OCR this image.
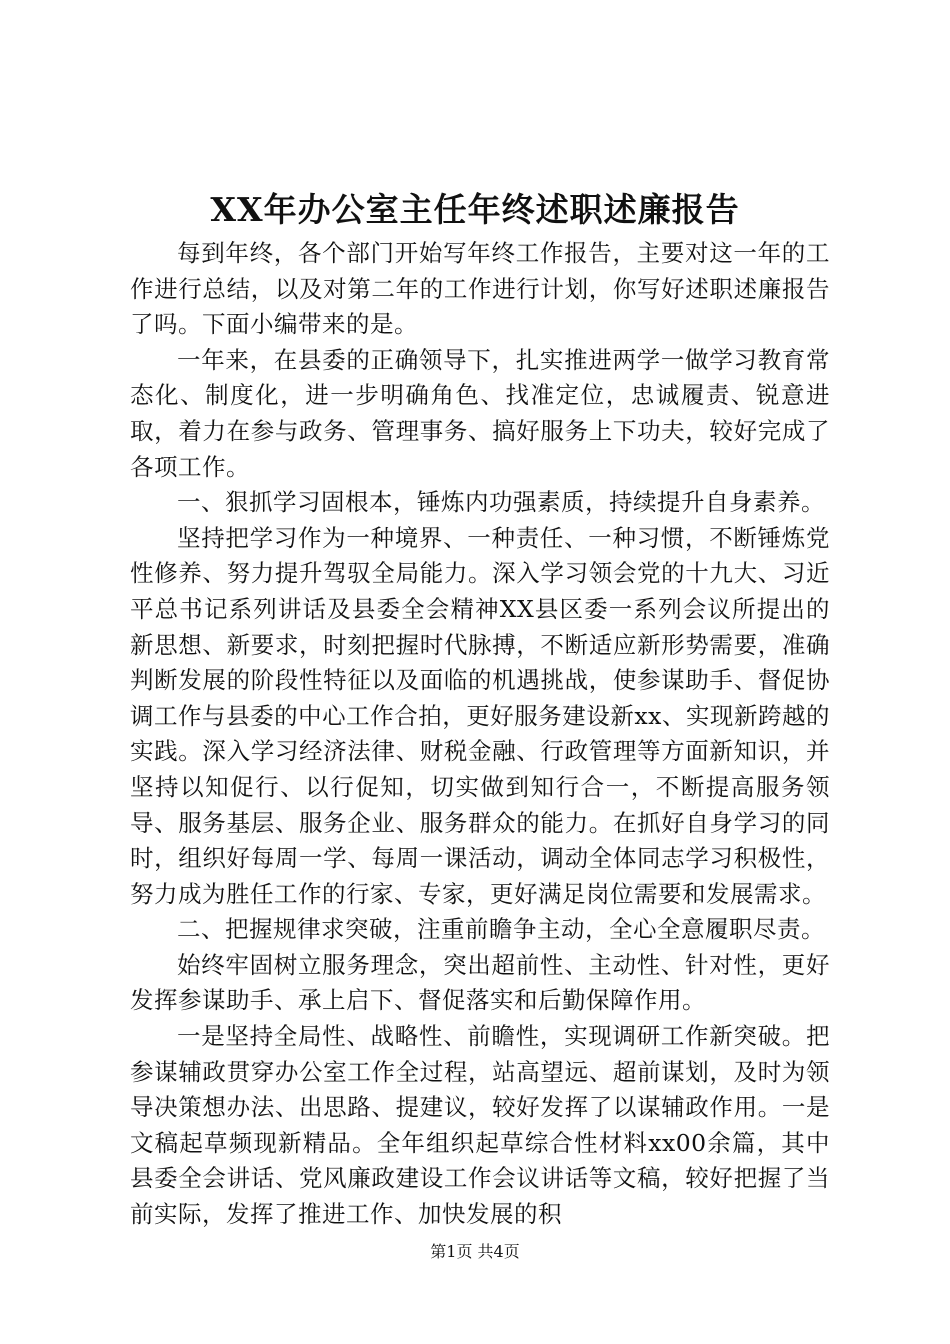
XX年办公室主任年终述职述廉报告

每到年终，各个部门开始写年终工作报告，主要对这一年的工作进行总结，以及对第二年的工作进行计划，你写好述职述廉报告了吗。下面小编带来的是。

一年来，在县委的正确领导下，扎实推进两学一做学习教育常态化、制度化，进一步明确角色、找准定位，忠诚履责、锐意进取，着力在参与政务、管理事务、搞好服务上下功夫，较好完成了各项工作。

一、狠抓学习固根本，锤炼内功强素质，持续提升自身素养。

坚持把学习作为一种境界、一种责任、一种习惯，不断锤炼党性修养、努力提升驾驭全局能力。深入学习领会党的十九大、习近平总书记系列讲话及县委全会精神XX县区委一系列会议所提出的新思想、新要求，时刻把握时代脉搏，不断适应新形势需要，准确判断发展的阶段性特征以及面临的机遇挑战，使参谋助手、督促协调工作与县委的中心工作合拍，更好服务建设新xx、实现新跨越的实践。深入学习经济法律、财税金融、行政管理等方面新知识，并坚持以知促行、以行促知，切实做到知行合一，不断提高服务领导、服务基层、服务企业、服务群众的能力。在抓好自身学习的同时，组织好每周一学、每周一课活动，调动全体同志学习积极性，努力成为胜任工作的行家、专家，更好满足岗位需要和发展需求。

二、把握规律求突破，注重前瞻争主动，全心全意履职尽责。

始终牢固树立服务理念，突出超前性、主动性、针对性，更好发挥参谋助手、承上启下、督促落实和后勤保障作用。

一是坚持全局性、战略性、前瞻性，实现调研工作新突破。把参谋辅政贯穿办公室工作全过程，站高望远、超前谋划，及时为领导决策想办法、出思路、提建议，较好发挥了以谋辅政作用。一是文稿起草频现新精品。全年组织起草综合性材料xx00余篇，其中县委全会讲话、党风廉政建设工作会议讲话等文稿，较好把握了当前实际，发挥了推进工作、加快发展的积

第1页 共4页
